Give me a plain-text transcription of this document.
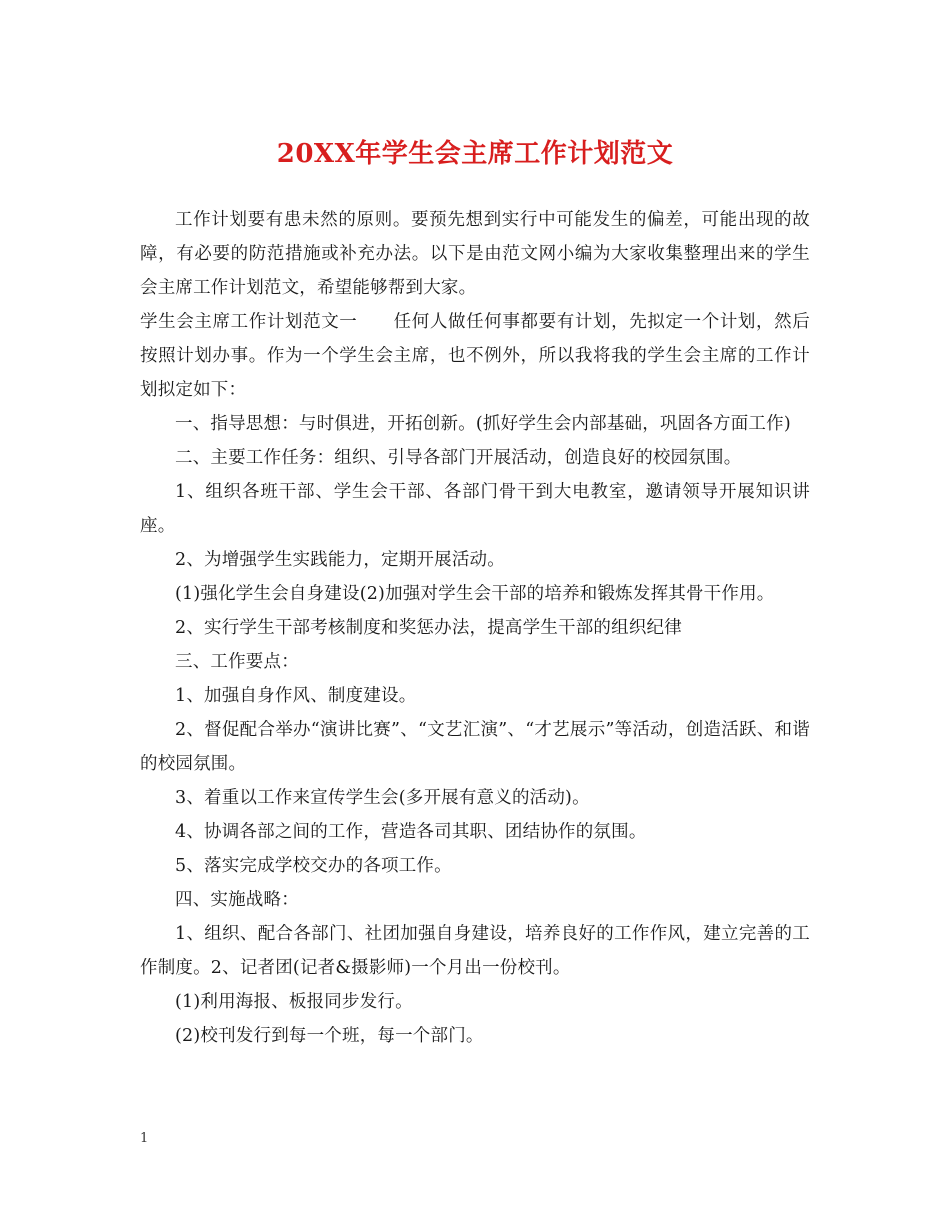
20XX年学生会主席工作计划范文

工作计划要有患未然的原则。要预先想到实行中可能发生的偏差，可能出现的故障，有必要的防范措施或补充办法。以下是由范文网小编为大家收集整理出来的学生会主席工作计划范文，希望能够帮到大家。

学生会主席工作计划范文一　　任何人做任何事都要有计划，先拟定一个计划，然后按照计划办事。作为一个学生会主席，也不例外，所以我将我的学生会主席的工作计划拟定如下：

一、指导思想：与时俱进，开拓创新。(抓好学生会内部基础，巩固各方面工作)

二、主要工作任务：组织、引导各部门开展活动，创造良好的校园氛围。

1、组织各班干部、学生会干部、各部门骨干到大电教室，邀请领导开展知识讲座。

2、为增强学生实践能力，定期开展活动。

(1)强化学生会自身建设(2)加强对学生会干部的培养和锻炼发挥其骨干作用。

2、实行学生干部考核制度和奖惩办法，提高学生干部的组织纪律

三、工作要点：

1、加强自身作风、制度建设。

2、督促配合举办“演讲比赛”、“文艺汇演”、“才艺展示”等活动，创造活跃、和谐的校园氛围。

3、着重以工作来宣传学生会(多开展有意义的活动)。

4、协调各部之间的工作，营造各司其职、团结协作的氛围。

5、落实完成学校交办的各项工作。

四、实施战略：

1、组织、配合各部门、社团加强自身建设，培养良好的工作作风，建立完善的工作制度。2、记者团(记者&摄影师)一个月出一份校刊。

(1)利用海报、板报同步发行。

(2)校刊发行到每一个班，每一个部门。

1
